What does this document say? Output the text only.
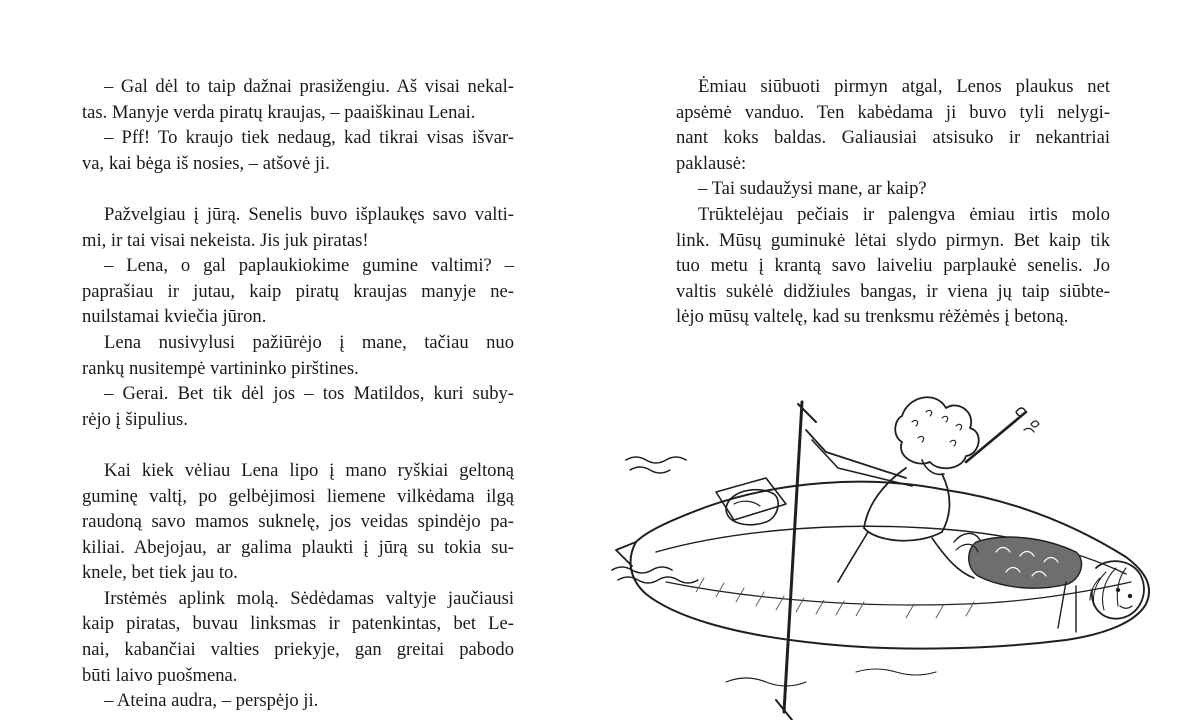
– Gal dėl to taip dažnai prasižengiu. Aš visai nekal-
tas. Manyje verda piratų kraujas, – paaiškinau Lenai.
– Pff! To kraujo tiek nedaug, kad tikrai visas išvar-
va, kai bėga iš nosies, – atšovė ji.
Pažvelgiau į jūrą. Senelis buvo išplaukęs savo valti-
mi, ir tai visai nekeista. Jis juk piratas!
– Lena, o gal paplaukiokime gumine valtimi? –
paprašiau ir jutau, kaip piratų kraujas manyje ne-
nuilstamai kviečia jūron.
Lena nusivylusi pažiūrėjo į mane, tačiau nuo
rankų nusitempė vartininko pirštines.
– Gerai. Bet tik dėl jos – tos Matildos, kuri suby-
rėjo į šipulius.
Kai kiek vėliau Lena lipo į mano ryškiai geltoną
guminę valtį, po gelbėjimosi liemene vilkėdama ilgą
raudoną savo mamos suknelę, jos veidas spindėjo pa-
kiliai. Abejojau, ar galima plaukti į jūrą su tokia su-
knele, bet tiek jau to.
Irstėmės aplink molą. Sėdėdamas valtyje jaučiausi
kaip piratas, buvau linksmas ir patenkintas, bet Le-
nai, kabančiai valties priekyje, gan greitai pabodo
būti laivo puošmena.
– Ateina audra, – perspėjo ji.
Ėmiau siūbuoti pirmyn atgal, Lenos plaukus net
apsėmė vanduo. Ten kabėdama ji buvo tyli nelygi-
nant koks baldas. Galiausiai atsisuko ir nekantriai
paklausė:
– Tai sudaužysi mane, ar kaip?
Trūktelėjau pečiais ir palengva ėmiau irtis molo
link. Mūsų guminukė lėtai slydo pirmyn. Bet kaip tik
tuo metu į krantą savo laiveliu parplaukė senelis. Jo
valtis sukėlė didžiules bangas, ir viena jų taip siūbte-
lėjo mūsų valtelę, kad su trenksmu rėžėmės į betoną.
